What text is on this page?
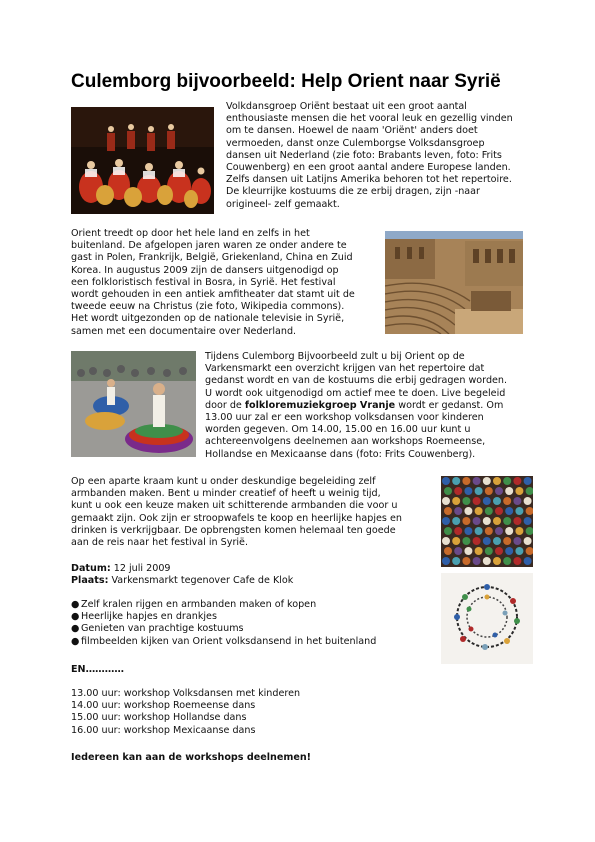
Culemborg bijvoorbeeld: Help Orient naar Syrië
Volkdansgroep Oriënt bestaat uit een groot aantal
enthousiaste mensen die het vooral leuk en gezellig vinden
om te dansen. Hoewel de naam 'Oriënt' anders doet
vermoeden, danst onze Culemborgse Volksdansgroep
dansen uit Nederland (zie foto: Brabants leven, foto: Frits
Couwenberg) en een groot aantal andere Europese landen.
Zelfs dansen uit Latijns Amerika behoren tot het repertoire.
De kleurrijke kostuums die ze erbij dragen, zijn -naar
origineel- zelf gemaakt.
Orient treedt op door het hele land en zelfs in het
buitenland. De afgelopen jaren waren ze onder andere te
gast in Polen, Frankrijk, België, Griekenland, China en Zuid
Korea. In augustus 2009 zijn de dansers uitgenodigd op
een folkloristisch festival in Bosra, in Syrië. Het festival
wordt gehouden in een antiek amfitheater dat stamt uit de
tweede eeuw na Christus (zie foto, Wikipedia commons).
Het wordt uitgezonden op de nationale televisie in Syrië,
samen met een documentaire over Nederland.
Tijdens Culemborg Bijvoorbeeld zult u bij Orient op de
Varkensmarkt een overzicht krijgen van het repertoire dat
gedanst wordt en van de kostuums die erbij gedragen worden.
U wordt ook uitgenodigd om actief mee te doen. Live begeleid
door de folkloremuziekgroep Vranje wordt er gedanst. Om
13.00 uur zal er een workshop volksdansen voor kinderen
worden gegeven. Om 14.00, 15.00 en 16.00 uur kunt u
achtereenvolgens deelnemen aan workshops Roemeense,
Hollandse en Mexicaanse dans (foto: Frits Couwenberg).
Op een aparte kraam kunt u onder deskundige begeleiding zelf
armbanden maken. Bent u minder creatief of heeft u weinig tijd,
kunt u ook een keuze maken uit schitterende armbanden die voor u
gemaakt zijn. Ook zijn er stroopwafels te koop en heerlijke hapjes en
drinken is verkrijgbaar. De opbrengsten komen helemaal ten goede
aan de reis naar het festival in Syrië.
Datum: 12 juli 2009
Plaats: Varkensmarkt tegenover Cafe de Klok
● Zelf kralen rijgen en armbanden maken of kopen
● Heerlijke hapjes en drankjes
● Genieten van prachtige kostuums
● filmbeelden kijken van Orient volksdansend in het buitenland
EN…………
13.00 uur: workshop Volksdansen met kinderen
14.00 uur: workshop Roemeense dans
15.00 uur: workshop Hollandse dans
16.00 uur: workshop Mexicaanse dans
Iedereen kan aan de workshops deelnemen!
